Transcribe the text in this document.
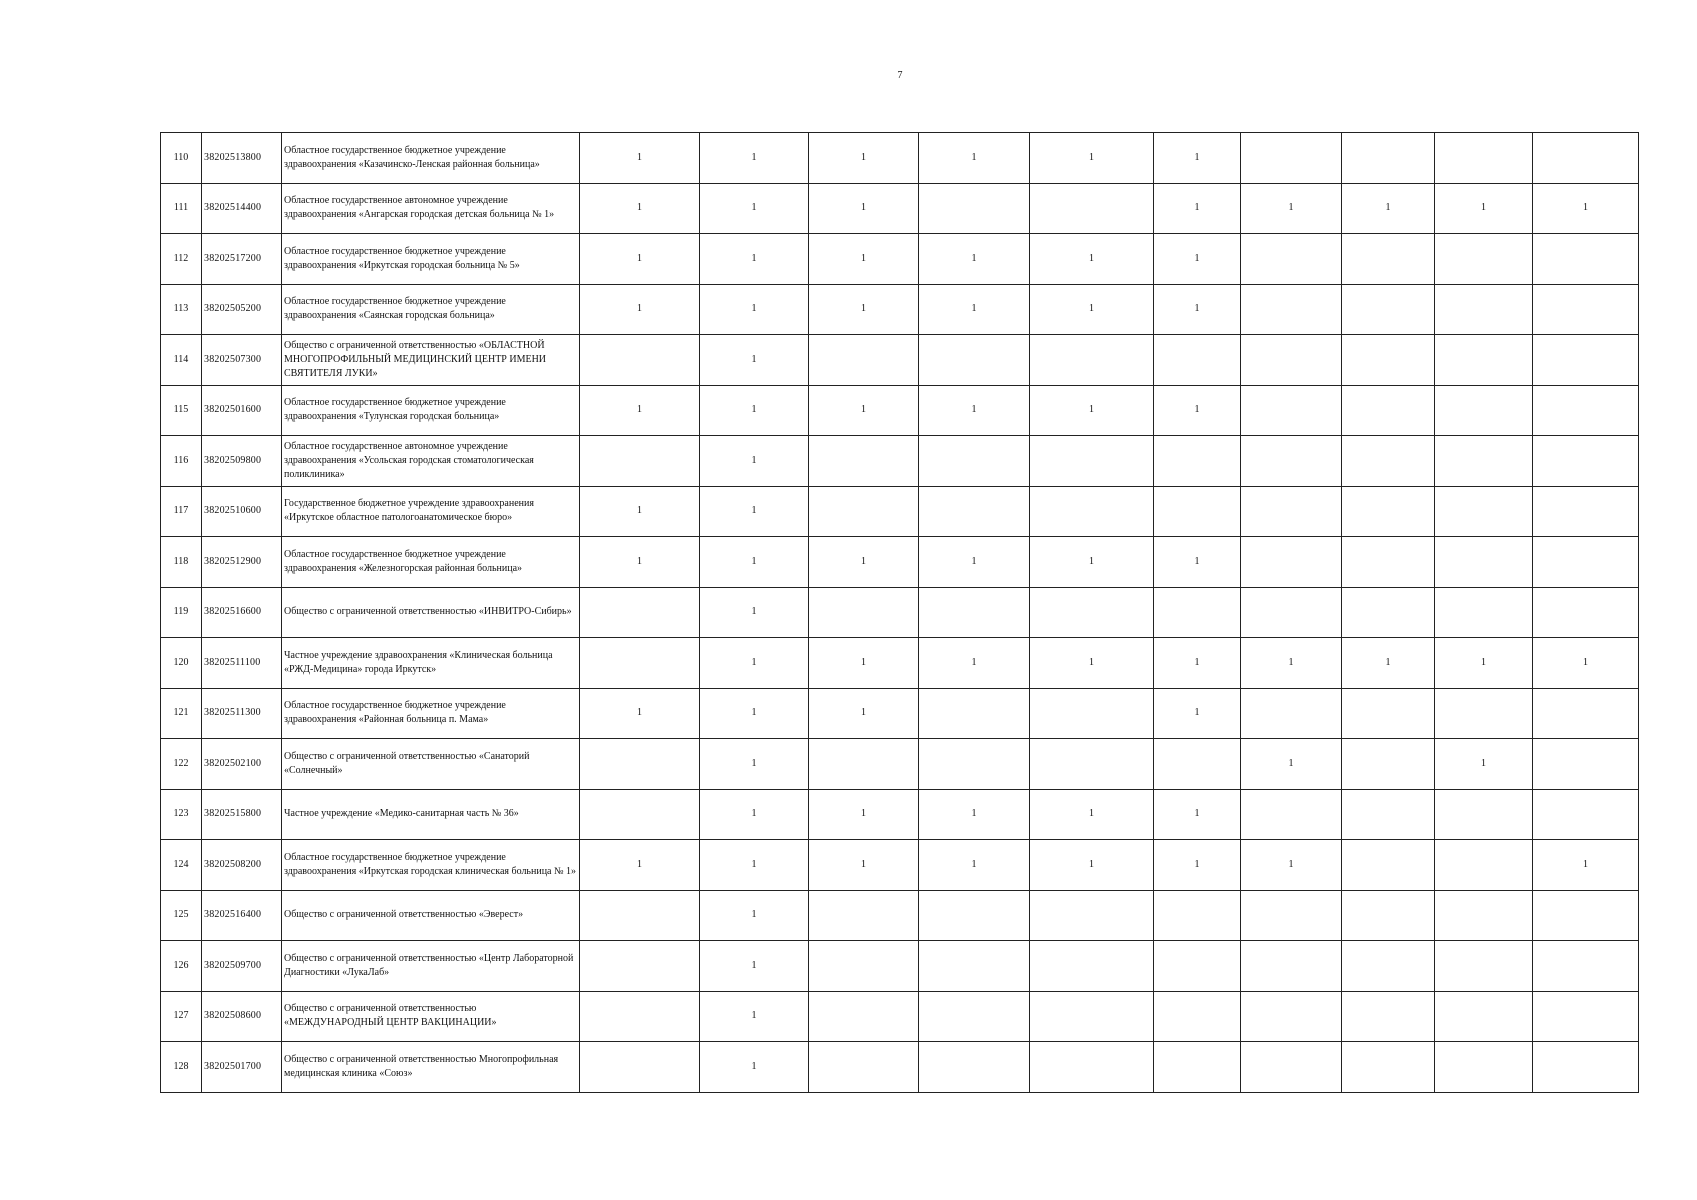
7
110	38202513800	Областное государственное бюджетное учреждение здравоохранения «Казачинско-Ленская районная больница»	1	1	1	1	1	1				
111	38202514400	Областное государственное автономное учреждение здравоохранения «Ангарская городская детская больница № 1»	1	1	1			1	1	1	1	1
112	38202517200	Областное государственное бюджетное учреждение здравоохранения «Иркутская городская больница № 5»	1	1	1	1	1	1				
113	38202505200	Областное государственное бюджетное учреждение здравоохранения «Саянская городская больница»	1	1	1	1	1	1				
114	38202507300	Общество с ограниченной ответственностью «ОБЛАСТНОЙ МНОГОПРОФИЛЬНЫЙ МЕДИЦИНСКИЙ ЦЕНТР ИМЕНИ СВЯТИТЕЛЯ ЛУКИ»		1								
115	38202501600	Областное государственное бюджетное учреждение здравоохранения «Тулунская городская больница»	1	1	1	1	1	1				
116	38202509800	Областное государственное автономное учреждение здравоохранения «Усольская городская стоматологическая поликлиника»		1								
117	38202510600	Государственное бюджетное учреждение здравоохранения «Иркутское областное патологоанатомическое бюро»	1	1								
118	38202512900	Областное государственное бюджетное учреждение здравоохранения «Железногорская районная больница»	1	1	1	1	1	1				
119	38202516600	Общество с ограниченной ответственностью «ИНВИТРО-Сибирь»		1								
120	38202511100	Частное учреждение здравоохранения «Клиническая больница «РЖД-Медицина» города Иркутск»		1	1	1	1	1	1	1	1	1
121	38202511300	Областное государственное бюджетное учреждение здравоохранения «Районная больница п. Мама»	1	1	1			1				
122	38202502100	Общество с ограниченной ответственностью «Санаторий «Солнечный»		1					1		1	
123	38202515800	Частное учреждение «Медико-санитарная часть № 36»		1	1	1	1	1				
124	38202508200	Областное государственное бюджетное учреждение здравоохранения «Иркутская городская клиническая больница № 1»	1	1	1	1	1	1	1			1
125	38202516400	Общество с ограниченной ответственностью «Эверест»		1								
126	38202509700	Общество с ограниченной ответственностью «Центр Лабораторной Диагностики «ЛукаЛаб»		1								
127	38202508600	Общество с ограниченной ответственностью «МЕЖДУНАРОДНЫЙ ЦЕНТР ВАКЦИНАЦИИ»		1								
128	38202501700	Общество с ограниченной ответственностью Многопрофильная медицинская клиника «Союз»		1								
